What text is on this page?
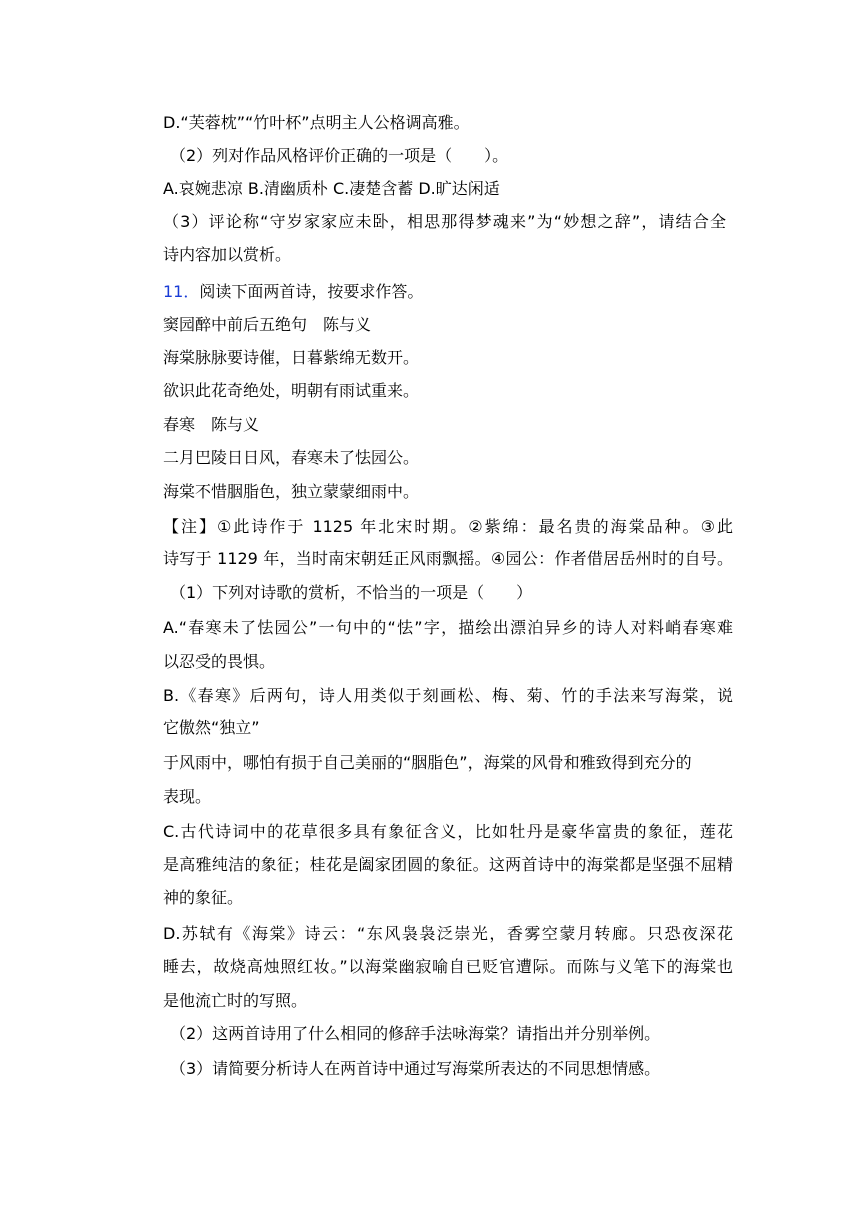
D.“芙蓉枕”“竹叶杯”点明主人公格调高雅。
（2）列对作品风格评价正确的一项是（　　）。
A.哀婉悲凉 B.清幽质朴 C.凄楚含蓄 D.旷达闲适
（3）评论称“守岁家家应未卧，相思那得梦魂来”为“妙想之辞”，请结合全
诗内容加以赏析。
11．阅读下面两首诗，按要求作答。
窦园醉中前后五绝句　陈与义
海棠脉脉要诗催，日暮紫绵无数开。
欲识此花奇绝处，明朝有雨试重来。
春寒　陈与义
二月巴陵日日风，春寒未了怯园公。
海棠不惜胭脂色，独立蒙蒙细雨中。
【注】①此诗作于 1125 年北宋时期。②紫绵：最名贵的海棠品种。③此
诗写于 1129 年，当时南宋朝廷正风雨飘摇。④园公：作者借居岳州时的自号。
（1）下列对诗歌的赏析，不恰当的一项是（　　）
A.“春寒未了怯园公”一句中的“怯”字，描绘出漂泊异乡的诗人对料峭春寒难
以忍受的畏惧。
B.《春寒》后两句，诗人用类似于刻画松、梅、菊、竹的手法来写海棠，说
它傲然“独立”
于风雨中，哪怕有损于自己美丽的“胭脂色”，海棠的风骨和雅致得到充分的
表现。
C.古代诗词中的花草很多具有象征含义，比如牡丹是豪华富贵的象征，莲花
是高雅纯洁的象征；桂花是阖家团圆的象征。这两首诗中的海棠都是坚强不屈精
神的象征。
D.苏轼有《海棠》诗云：“东风袅袅泛崇光，香雾空蒙月转廊。只恐夜深花
睡去，故烧高烛照红妆。”以海棠幽寂喻自已贬官遭际。而陈与义笔下的海棠也
是他流亡时的写照。
（2）这两首诗用了什么相同的修辞手法咏海棠？请指出并分别举例。
（3）请简要分析诗人在两首诗中通过写海棠所表达的不同思想情感。
